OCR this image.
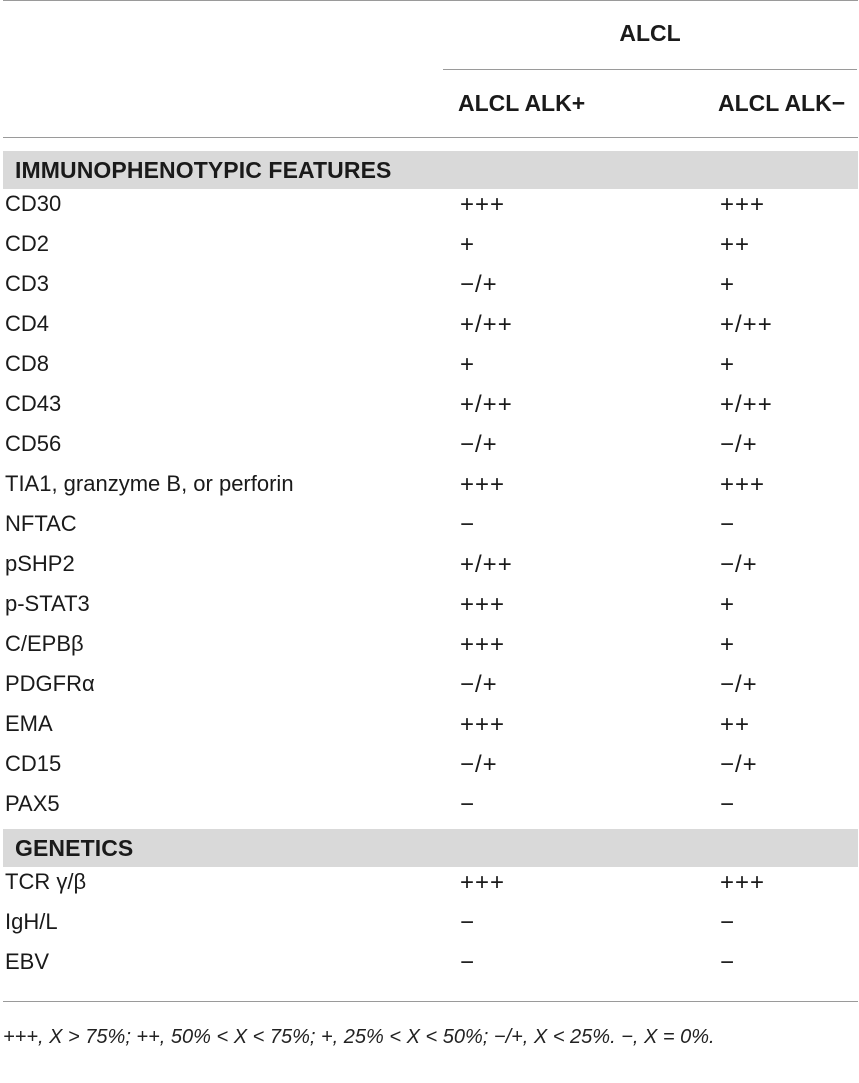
ALCL
ALCL ALK+	ALCL ALK−
IMMUNOPHENOTYPIC FEATURES
CD30	+++	+++
CD2	+	++
CD3	−/+	+
CD4	+/++	+/++
CD8	+	+
CD43	+/++	+/++
CD56	−/+	−/+
TIA1, granzyme B, or perforin	+++	+++
NFTAC	−	−
pSHP2	+/++	−/+
p-STAT3	+++	+
C/EPBβ	+++	+
PDGFRα	−/+	−/+
EMA	+++	++
CD15	−/+	−/+
PAX5	−	−
GENETICS
TCR γ/β	+++	+++
IgH/L	−	−
EBV	−	−
+++, X > 75%; ++, 50% < X < 75%; +, 25% < X < 50%; −/+, X < 25%. −, X = 0%.
